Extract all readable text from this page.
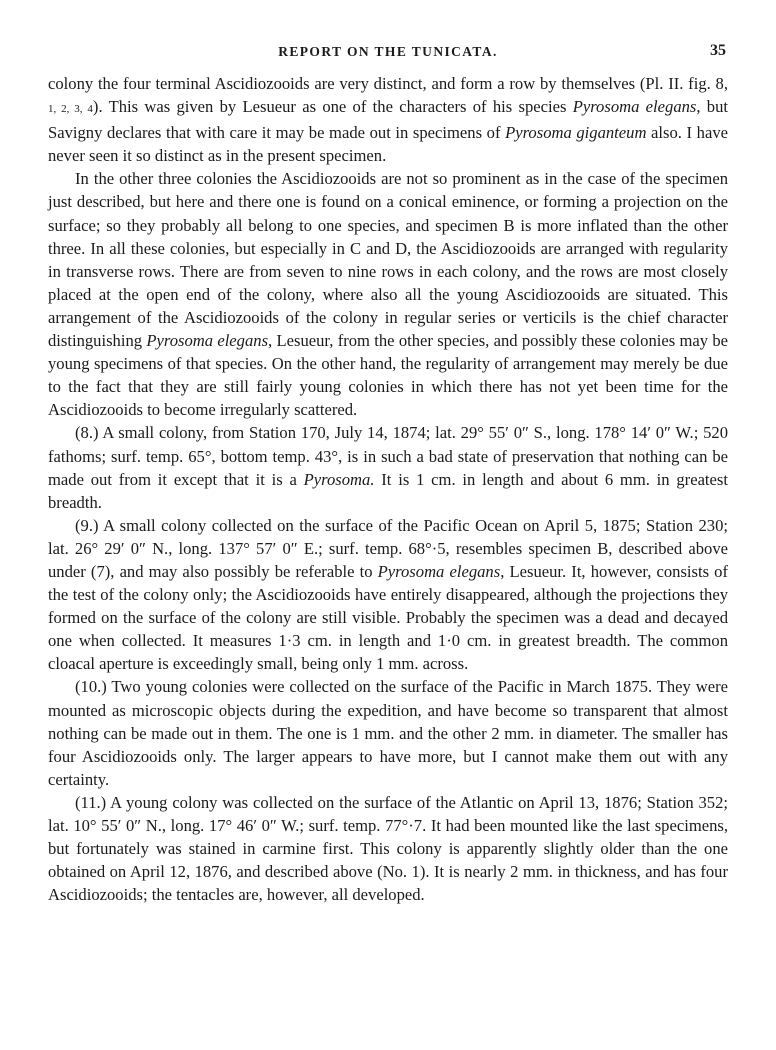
REPORT ON THE TUNICATA.	35

colony the four terminal Ascidiozooids are very distinct, and form a row by themselves (Pl. II. fig. 8, 1, 2, 3, 4). This was given by Lesueur as one of the characters of his species Pyrosoma elegans, but Savigny declares that with care it may be made out in specimens of Pyrosoma giganteum also. I have never seen it so distinct as in the present specimen.

In the other three colonies the Ascidiozooids are not so prominent as in the case of the specimen just described, but here and there one is found on a conical eminence, or forming a projection on the surface; so they probably all belong to one species, and specimen B is more inflated than the other three. In all these colonies, but especially in C and D, the Ascidiozooids are arranged with regularity in transverse rows. There are from seven to nine rows in each colony, and the rows are most closely placed at the open end of the colony, where also all the young Ascidiozooids are situated. This arrangement of the Ascidiozooids of the colony in regular series or verticils is the chief character distinguishing Pyrosoma elegans, Lesueur, from the other species, and possibly these colonies may be young specimens of that species. On the other hand, the regularity of arrangement may merely be due to the fact that they are still fairly young colonies in which there has not yet been time for the Ascidiozooids to become irregularly scattered.

(8.) A small colony, from Station 170, July 14, 1874; lat. 29° 55′ 0″ S., long. 178° 14′ 0″ W.; 520 fathoms; surf. temp. 65°, bottom temp. 43°, is in such a bad state of preservation that nothing can be made out from it except that it is a Pyrosoma. It is 1 cm. in length and about 6 mm. in greatest breadth.

(9.) A small colony collected on the surface of the Pacific Ocean on April 5, 1875; Station 230; lat. 26° 29′ 0″ N., long. 137° 57′ 0″ E.; surf. temp. 68°·5, resembles specimen B, described above under (7), and may also possibly be referable to Pyrosoma elegans, Lesueur. It, however, consists of the test of the colony only; the Ascidiozooids have entirely disappeared, although the projections they formed on the surface of the colony are still visible. Probably the specimen was a dead and decayed one when collected. It measures 1·3 cm. in length and 1·0 cm. in greatest breadth. The common cloacal aperture is exceedingly small, being only 1 mm. across.

(10.) Two young colonies were collected on the surface of the Pacific in March 1875. They were mounted as microscopic objects during the expedition, and have become so transparent that almost nothing can be made out in them. The one is 1 mm. and the other 2 mm. in diameter. The smaller has four Ascidiozooids only. The larger appears to have more, but I cannot make them out with any certainty.

(11.) A young colony was collected on the surface of the Atlantic on April 13, 1876; Station 352; lat. 10° 55′ 0″ N., long. 17° 46′ 0″ W.; surf. temp. 77°·7. It had been mounted like the last specimens, but fortunately was stained in carmine first. This colony is apparently slightly older than the one obtained on April 12, 1876, and described above (No. 1). It is nearly 2 mm. in thickness, and has four Ascidiozooids; the tentacles are, however, all developed.
